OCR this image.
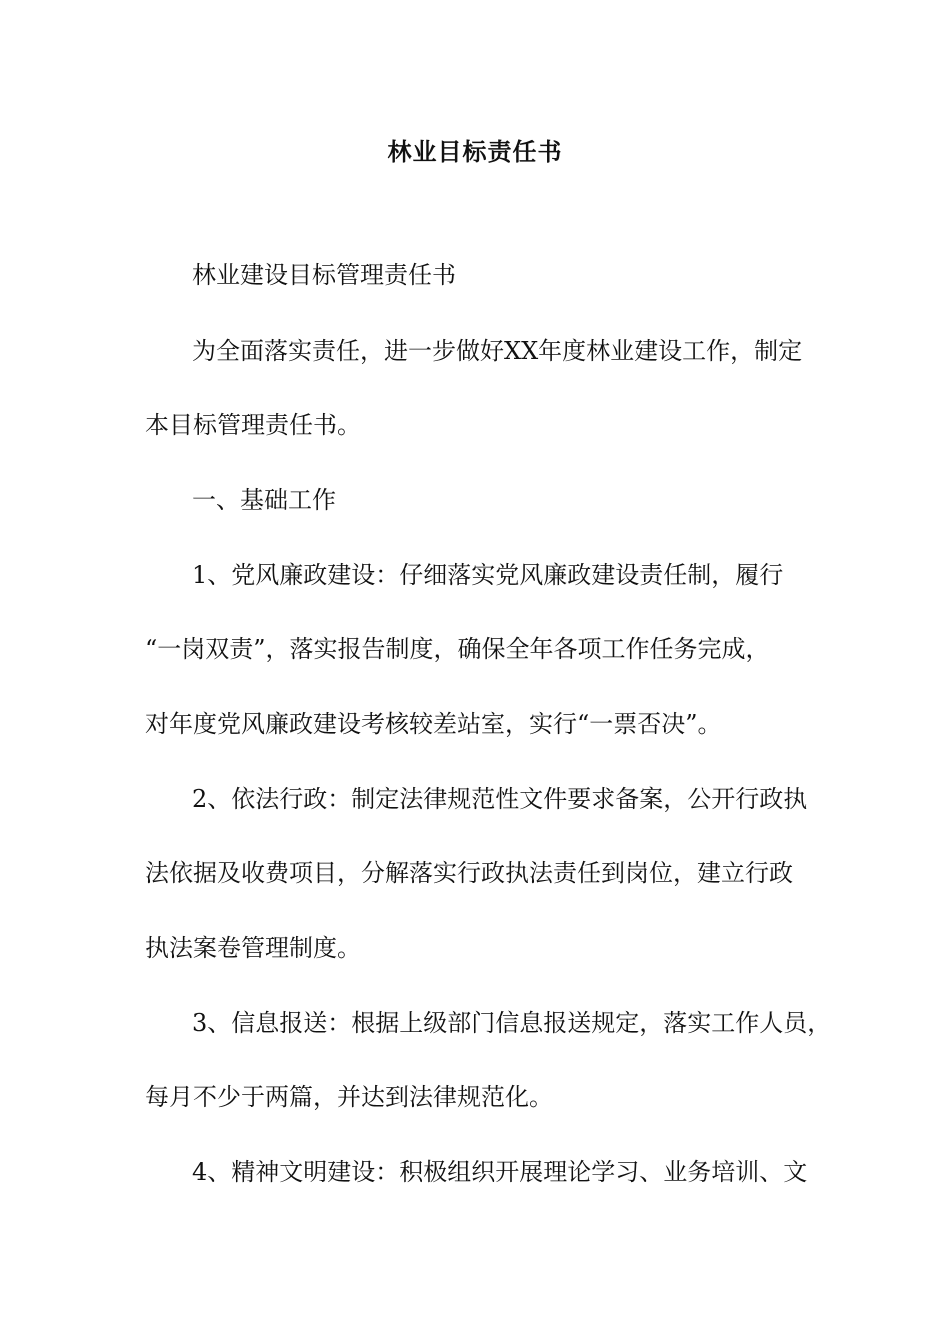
林业目标责任书

林业建设目标管理责任书

为全面落实责任，进一步做好XX年度林业建设工作，制定

本目标管理责任书。

一、基础工作

1、党风廉政建设：仔细落实党风廉政建设责任制，履行

“一岗双责”，落实报告制度，确保全年各项工作任务完成，

对年度党风廉政建设考核较差站室，实行“一票否决”。

2、依法行政：制定法律规范性文件要求备案，公开行政执

法依据及收费项目，分解落实行政执法责任到岗位，建立行政

执法案卷管理制度。

3、信息报送：根据上级部门信息报送规定，落实工作人员，

每月不少于两篇，并达到法律规范化。

4、精神文明建设：积极组织开展理论学习、业务培训、文
